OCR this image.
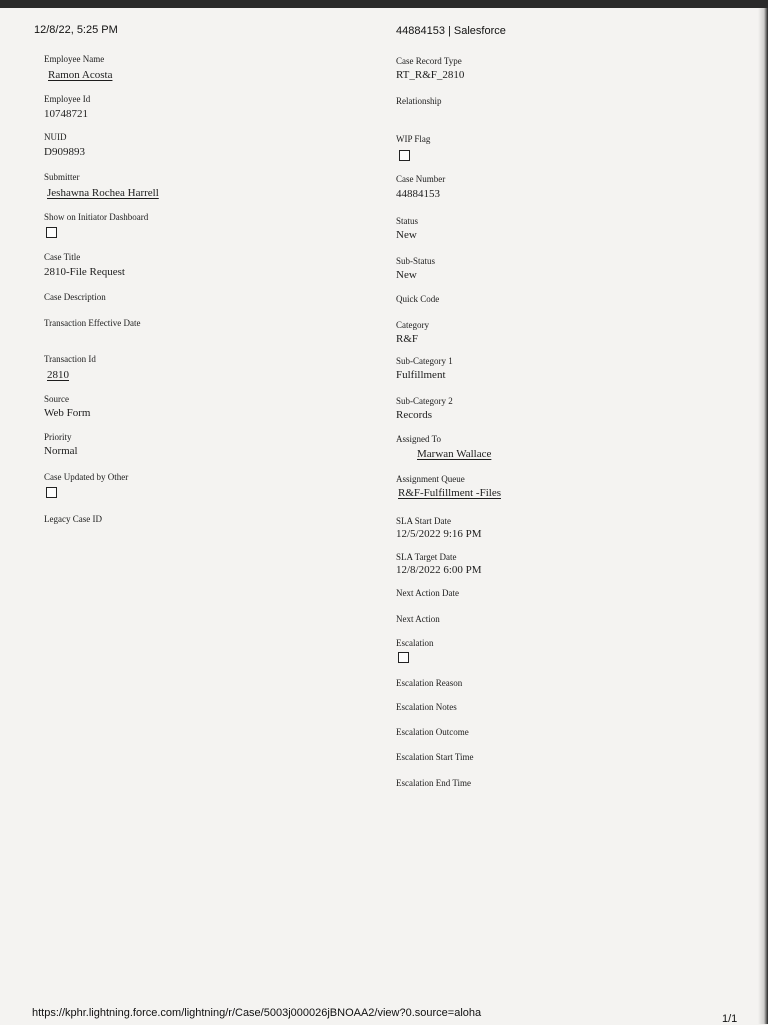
12/8/22, 5:25 PM	44884153 | Salesforce
Employee Name
Ramon Acosta
Employee Id
10748721
NUID
D909893
Submitter
Jeshawna Rochea Harrell
Show on Initiator Dashboard
Case Title
2810-File Request
Case Description
Transaction Effective Date
Transaction Id
2810
Source
Web Form
Priority
Normal
Case Updated by Other
Legacy Case ID
Case Record Type
RT_R&F_2810
Relationship
WIP Flag
Case Number
44884153
Status
New
Sub-Status
New
Quick Code
Category
R&F
Sub-Category 1
Fulfillment
Sub-Category 2
Records
Assigned To
Marwan Wallace
Assignment Queue
R&F-Fulfillment -Files
SLA Start Date
12/5/2022 9:16 PM
SLA Target Date
12/8/2022 6:00 PM
Next Action Date
Next Action
Escalation
Escalation Reason
Escalation Notes
Escalation Outcome
Escalation Start Time
Escalation End Time
https://kphr.lightning.force.com/lightning/r/Case/5003j000026jBNOAA2/view?0.source=aloha	1/1
